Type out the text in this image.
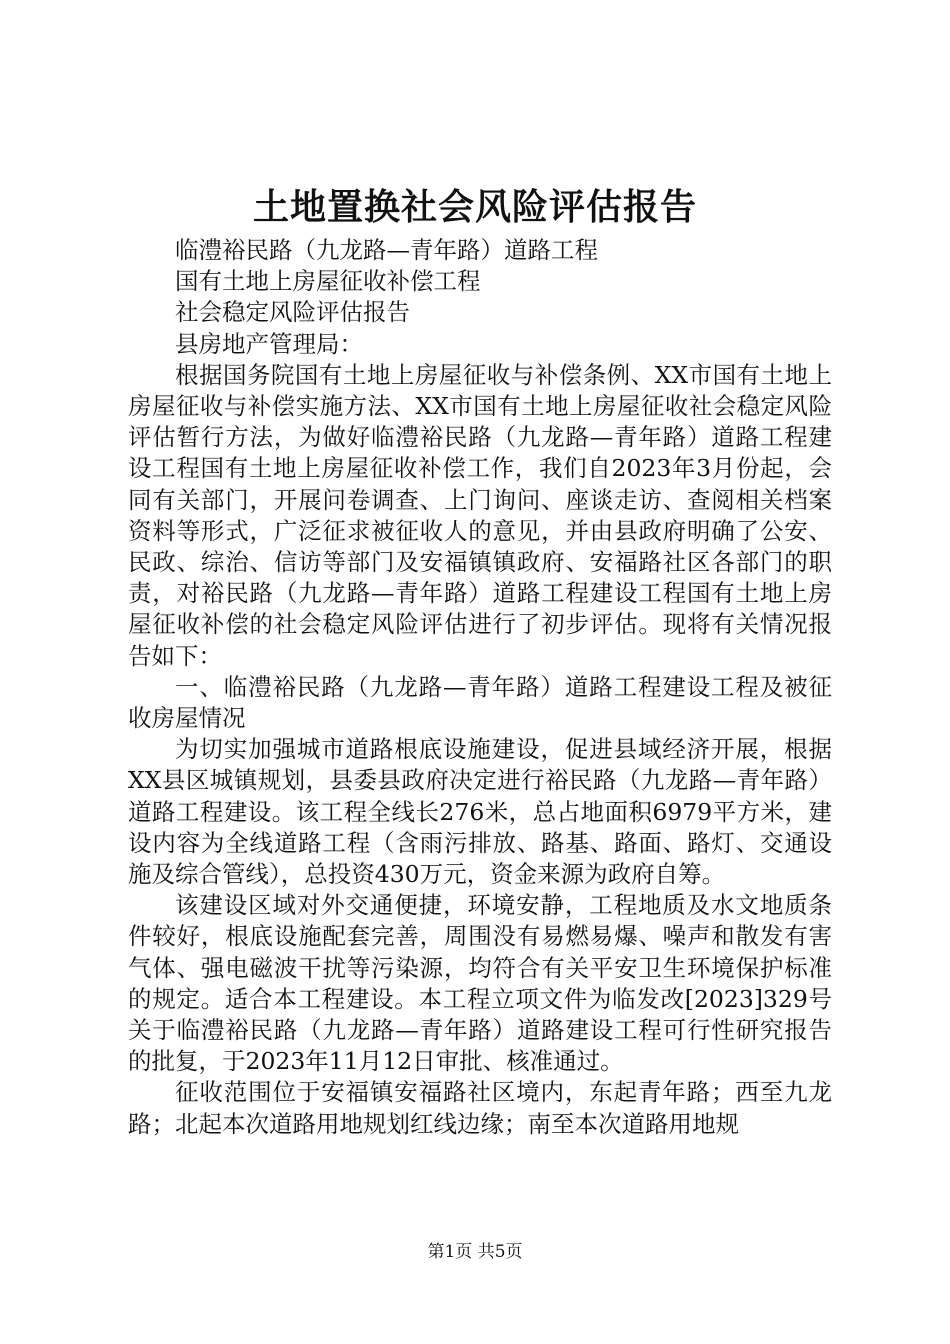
土地置换社会风险评估报告

临澧裕民路（九龙路—青年路）道路工程

国有土地上房屋征收补偿工程

社会稳定风险评估报告

县房地产管理局：

根据国务院国有土地上房屋征收与补偿条例、XX市国有土地上房屋征收与补偿实施方法、XX市国有土地上房屋征收社会稳定风险评估暂行方法，为做好临澧裕民路（九龙路—青年路）道路工程建设工程国有土地上房屋征收补偿工作，我们自2023年3月份起，会同有关部门，开展问卷调查、上门询问、座谈走访、查阅相关档案资料等形式，广泛征求被征收人的意见，并由县政府明确了公安、民政、综治、信访等部门及安福镇镇政府、安福路社区各部门的职责，对裕民路（九龙路—青年路）道路工程建设工程国有土地上房屋征收补偿的社会稳定风险评估进行了初步评估。现将有关情况报告如下：

一、临澧裕民路（九龙路—青年路）道路工程建设工程及被征收房屋情况

为切实加强城市道路根底设施建设，促进县域经济开展，根据XX县区城镇规划，县委县政府决定进行裕民路（九龙路—青年路）道路工程建设。该工程全线长276米，总占地面积6979平方米，建设内容为全线道路工程（含雨污排放、路基、路面、路灯、交通设施及综合管线），总投资430万元，资金来源为政府自筹。

该建设区域对外交通便捷，环境安静，工程地质及水文地质条件较好，根底设施配套完善，周围没有易燃易爆、噪声和散发有害气体、强电磁波干扰等污染源，均符合有关平安卫生环境保护标准的规定。适合本工程建设。本工程立项文件为临发改[2023]329号关于临澧裕民路（九龙路—青年路）道路建设工程可行性研究报告的批复，于2023年11月12日审批、核准通过。

征收范围位于安福镇安福路社区境内，东起青年路；西至九龙路；北起本次道路用地规划红线边缘；南至本次道路用地规

第1页 共5页
